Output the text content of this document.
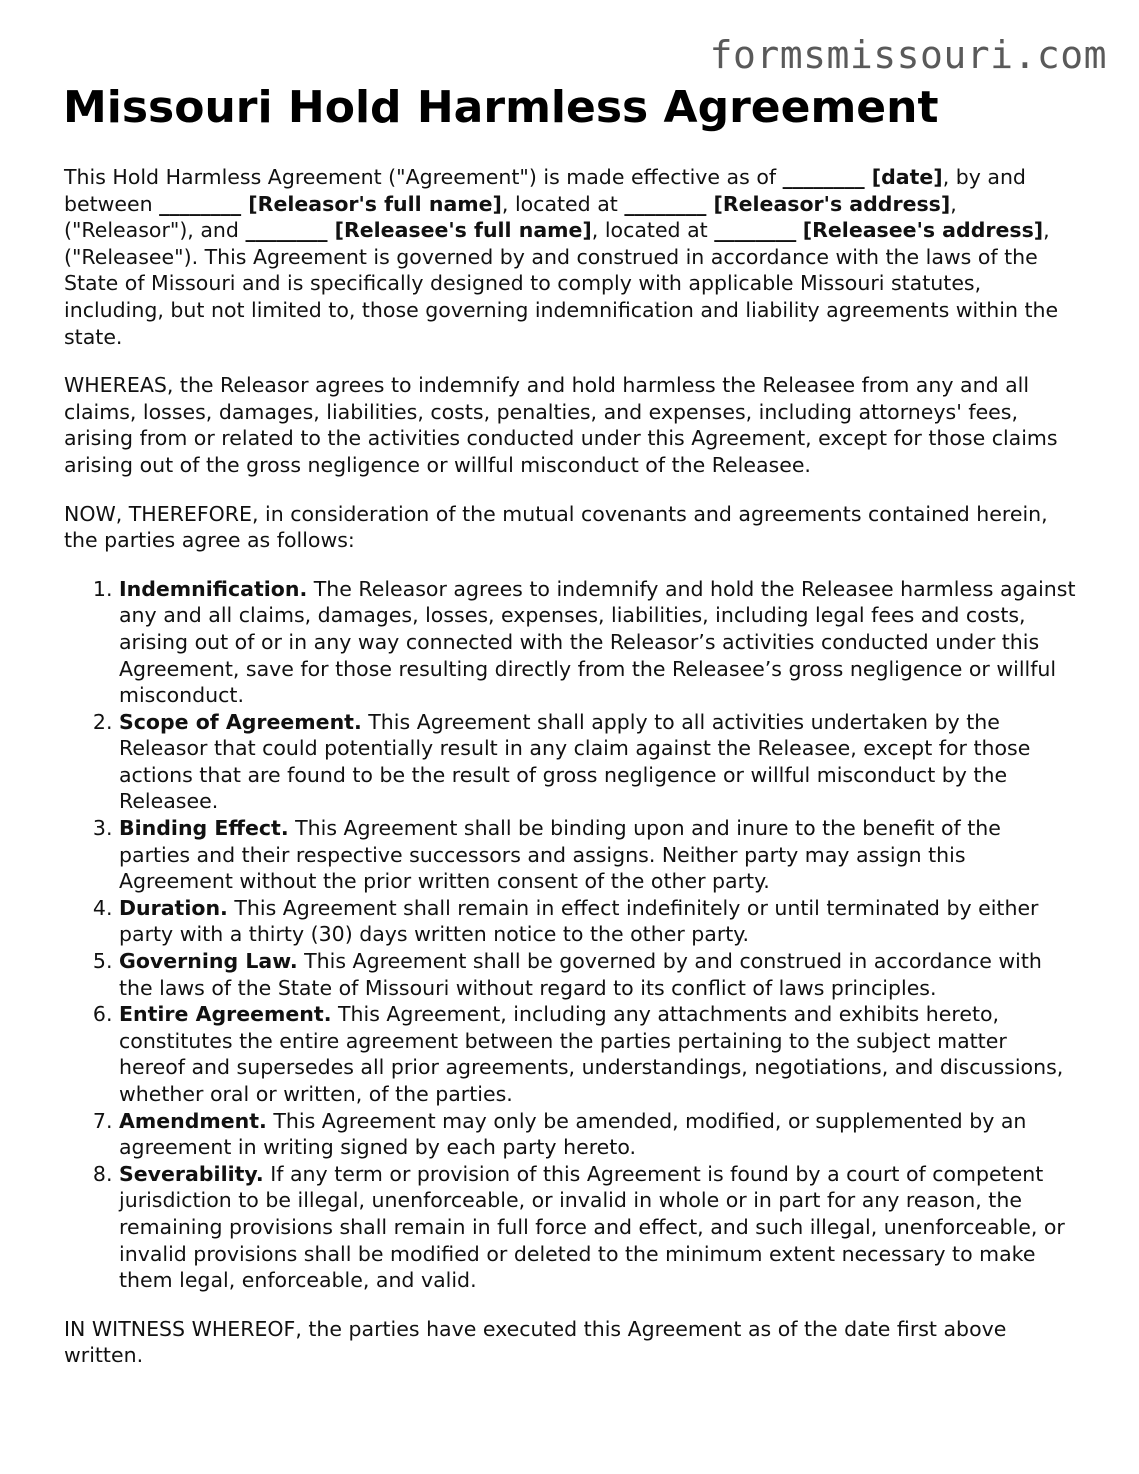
formsmissouri.com
Missouri Hold Harmless Agreement

This Hold Harmless Agreement ("Agreement") is made effective as of ________ [date], by and between ________ [Releasor's full name], located at ________ [Releasor's address], ("Releasor"), and ________ [Releasee's full name], located at ________ [Releasee's address], ("Releasee"). This Agreement is governed by and construed in accordance with the laws of the State of Missouri and is specifically designed to comply with applicable Missouri statutes, including, but not limited to, those governing indemnification and liability agreements within the state.

WHEREAS, the Releasor agrees to indemnify and hold harmless the Releasee from any and all claims, losses, damages, liabilities, costs, penalties, and expenses, including attorneys' fees, arising from or related to the activities conducted under this Agreement, except for those claims arising out of the gross negligence or willful misconduct of the Releasee.

NOW, THEREFORE, in consideration of the mutual covenants and agreements contained herein, the parties agree as follows:

1. Indemnification. The Releasor agrees to indemnify and hold the Releasee harmless against any and all claims, damages, losses, expenses, liabilities, including legal fees and costs, arising out of or in any way connected with the Releasor’s activities conducted under this Agreement, save for those resulting directly from the Releasee’s gross negligence or willful misconduct.
2. Scope of Agreement. This Agreement shall apply to all activities undertaken by the Releasor that could potentially result in any claim against the Releasee, except for those actions that are found to be the result of gross negligence or willful misconduct by the Releasee.
3. Binding Effect. This Agreement shall be binding upon and inure to the benefit of the parties and their respective successors and assigns. Neither party may assign this Agreement without the prior written consent of the other party.
4. Duration. This Agreement shall remain in effect indefinitely or until terminated by either party with a thirty (30) days written notice to the other party.
5. Governing Law. This Agreement shall be governed by and construed in accordance with the laws of the State of Missouri without regard to its conflict of laws principles.
6. Entire Agreement. This Agreement, including any attachments and exhibits hereto, constitutes the entire agreement between the parties pertaining to the subject matter hereof and supersedes all prior agreements, understandings, negotiations, and discussions, whether oral or written, of the parties.
7. Amendment. This Agreement may only be amended, modified, or supplemented by an agreement in writing signed by each party hereto.
8. Severability. If any term or provision of this Agreement is found by a court of competent jurisdiction to be illegal, unenforceable, or invalid in whole or in part for any reason, the remaining provisions shall remain in full force and effect, and such illegal, unenforceable, or invalid provisions shall be modified or deleted to the minimum extent necessary to make them legal, enforceable, and valid.

IN WITNESS WHEREOF, the parties have executed this Agreement as of the date first above written.
